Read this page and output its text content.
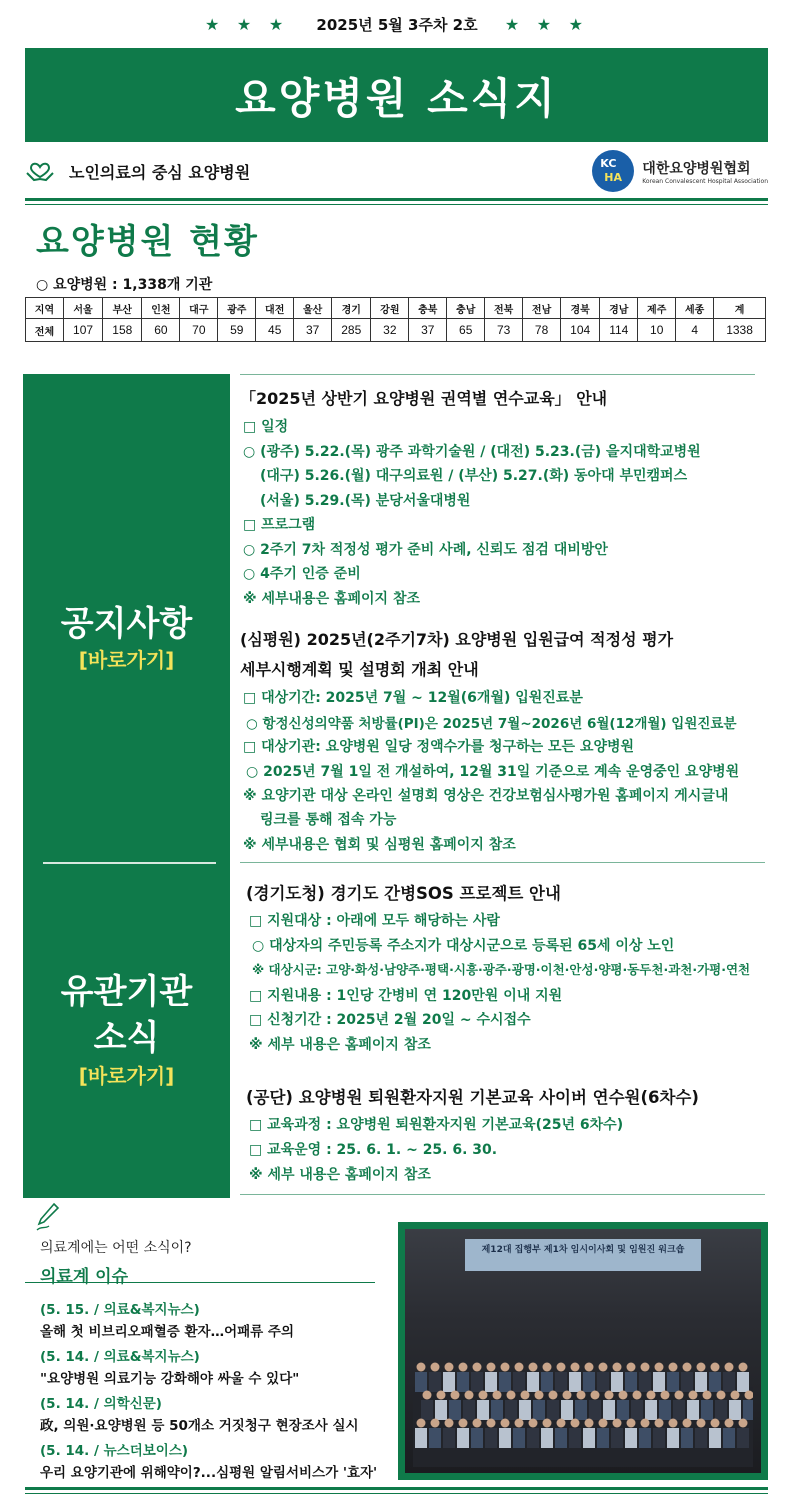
★ ★ ★ 2025년 5월 3주차 2호 ★ ★ ★
요양병원 소식지
노인의료의 중심 요양병원	KC
HA
대한요양병원협회
Korean Convalescent Hospital Association
요양병원 현황
○ 요양병원 : 1,338개 기관
지역	서울	부산	인천	대구	광주	대전	울산	경기	강원	충북	충남	전북	전남	경북	경남	제주	세종	계
전체	107	158	60	70	59	45	37	285	32	37	65	73	78	104	114	10	4	1338
공지사항
[바로가기]
유관기관
소식
[바로가기]
「2025년 상반기 요양병원 권역별 연수교육」 안내
□ 일정
○ (광주) 5.22.(목) 광주 과학기술원 / (대전) 5.23.(금) 을지대학교병원
(대구) 5.26.(월) 대구의료원 / (부산) 5.27.(화) 동아대 부민캠퍼스
(서울) 5.29.(목) 분당서울대병원
□ 프로그램
○ 2주기 7차 적정성 평가 준비 사례, 신뢰도 점검 대비방안
○ 4주기 인증 준비
※ 세부내용은 홈페이지 참조
(심평원) 2025년(2주기7차) 요양병원 입원급여 적정성 평가
세부시행계획 및 설명회 개최 안내
□ 대상기간: 2025년 7월 ~ 12월(6개월) 입원진료분
○ 항정신성의약품 처방률(PI)은 2025년 7월~2026년 6월(12개월) 입원진료분
□ 대상기관: 요양병원 일당 정액수가를 청구하는 모든 요양병원
○ 2025년 7월 1일 전 개설하여, 12월 31일 기준으로 계속 운영중인 요양병원
※ 요양기관 대상 온라인 설명회 영상은 건강보험심사평가원 홈페이지 게시글내
링크를 통해 접속 가능
※ 세부내용은 협회 및 심평원 홈페이지 참조
(경기도청) 경기도 간병SOS 프로젝트 안내
□ 지원대상 : 아래에 모두 해당하는 사람
○ 대상자의 주민등록 주소지가 대상시군으로 등록된 65세 이상 노인
※ 대상시군: 고양·화성·남양주·평택·시흥·광주·광명·이천·안성·양평·동두천·과천·가평·연천
□ 지원내용 : 1인당 간병비 연 120만원 이내 지원
□ 신청기간 : 2025년 2월 20일 ~ 수시접수
※ 세부 내용은 홈페이지 참조
(공단) 요양병원 퇴원환자지원 기본교육 사이버 연수원(6차수)
□ 교육과정 : 요양병원 퇴원환자지원 기본교육(25년 6차수)
□ 교육운영 : 25. 6. 1. ~ 25. 6. 30.
※ 세부 내용은 홈페이지 참조
의료계에는 어떤 소식이?
의료계 이슈
(5. 15. / 의료&복지뉴스)
올해 첫 비브리오패혈증 환자…어패류 주의
(5. 14. / 의료&복지뉴스)
"요양병원 의료기능 강화해야 싸울 수 있다"
(5. 14. / 의학신문)
政, 의원·요양병원 등 50개소 거짓청구 현장조사 실시
(5. 14. / 뉴스더보이스)
우리 요양기관에 위해약이?...심평원 알림서비스가 '효자'
제12대 집행부 제1차 임시이사회 및 임원진 워크숍
